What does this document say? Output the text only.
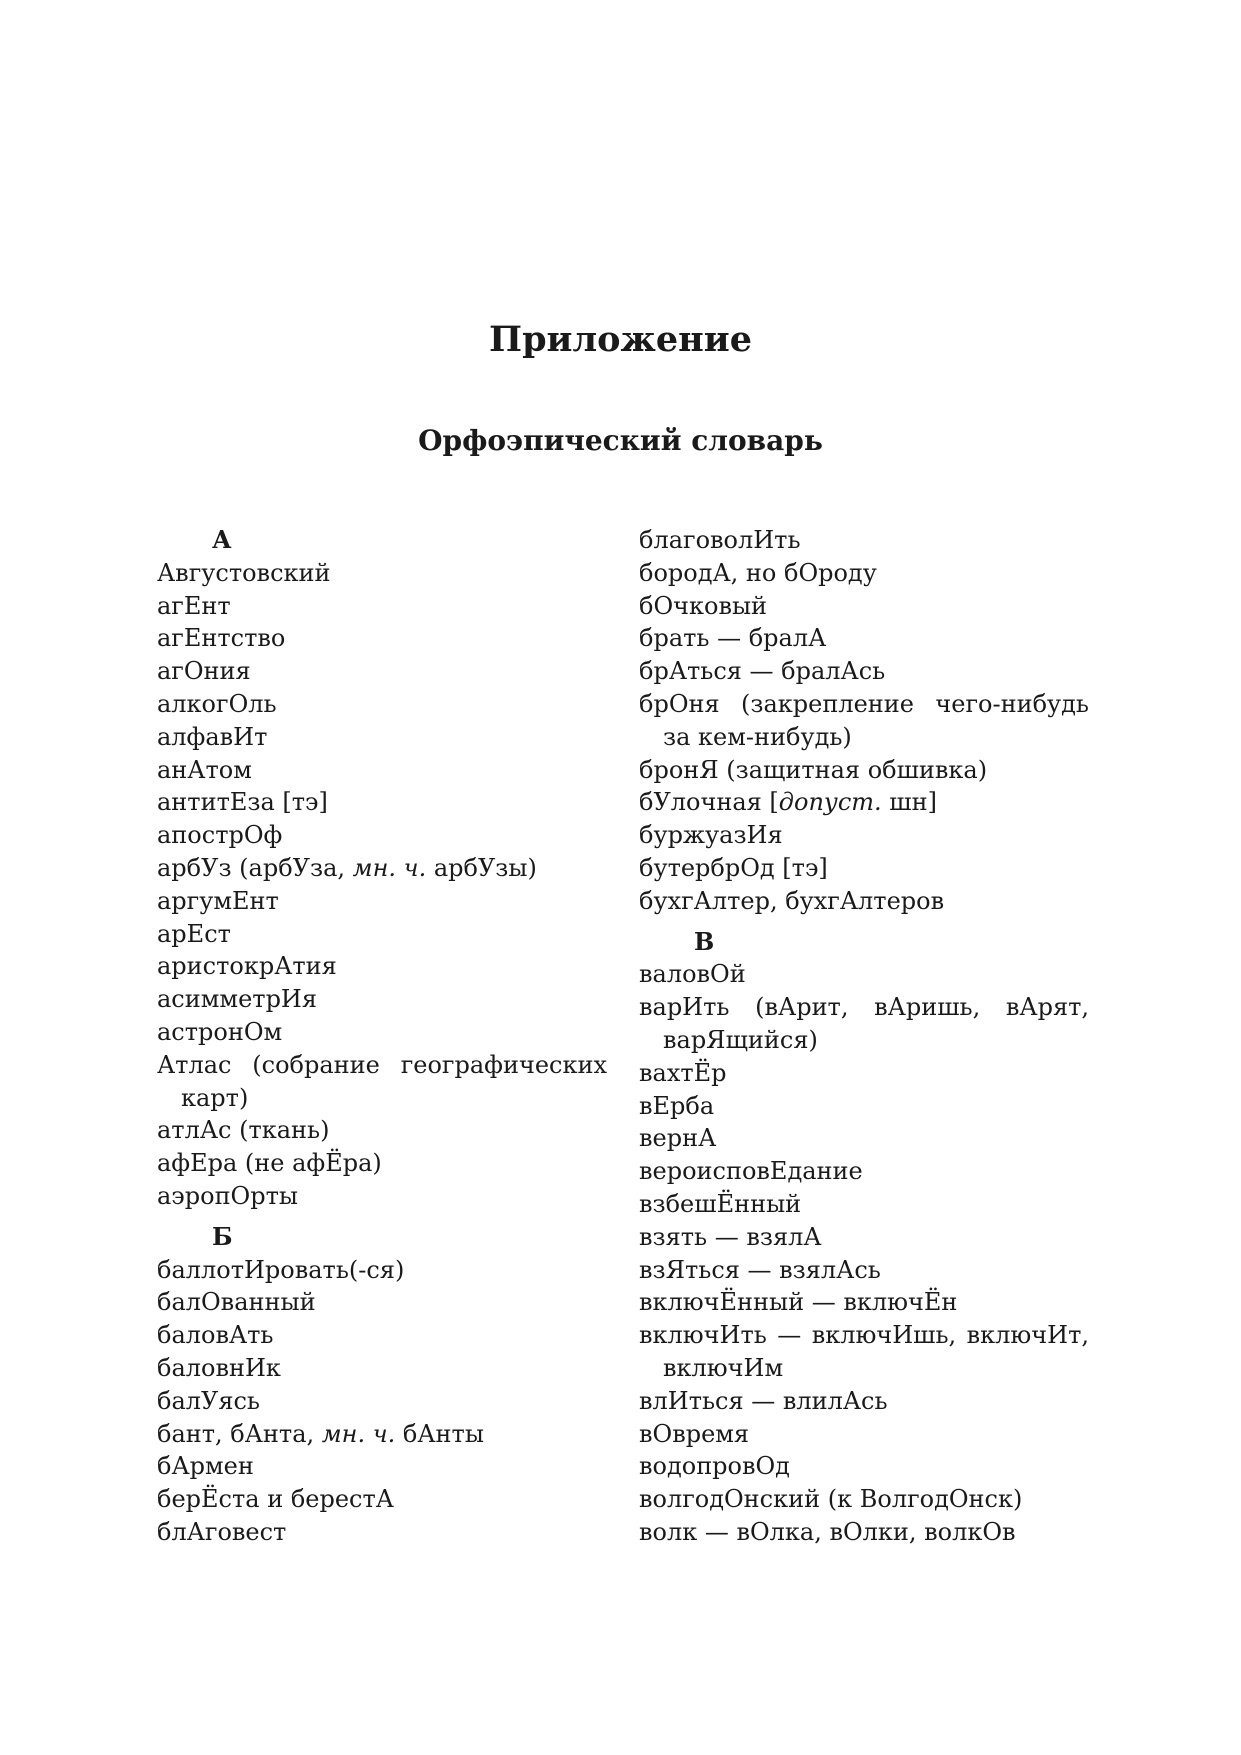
Приложение
Орфоэпический словарь
А

Августовский

агЕнт

агЕнтство

агОния

алкогОль

алфавИт

анАтом

антитЕза [тэ]

апострОф

арбУз (арбУза, мн. ч. арбУзы)

аргумЕнт

арЕст

аристокрАтия

асимметрИя

астронОм

Атлас (собрание географических карт)

атлАс (ткань)

афЕра (не афЁра)

аэропОрты

Б

баллотИровать(-ся)

балОванный

баловАть

баловнИк

балУясь

бант, бАнта, мн. ч. бАнты

бАрмен

берЁста и берестА

блАговест

благоволИть

бородА, но бОроду

бОчковый

брать — бралА

брАться — бралАсь

брОня (закрепление чего-нибудь за кем-нибудь)

бронЯ (защитная обшивка)

бУлочная [допуст. шн]

буржуазИя

бутербрОд [тэ]

бухгАлтер, бухгАлтеров

В

валовОй

варИть (вАрит, вАришь, вАрят, варЯщийся)

вахтЁр

вЕрба

вернА

вероисповЕдание

взбешЁнный

взять — взялА

взЯться — взялАсь

включЁнный — включЁн

включИть — включИшь, включИт, включИм

влИться — влилАсь

вОвремя

водопровОд

волгодОнский (к ВолгодОнск)

волк — вОлка, вОлки, волкОв
